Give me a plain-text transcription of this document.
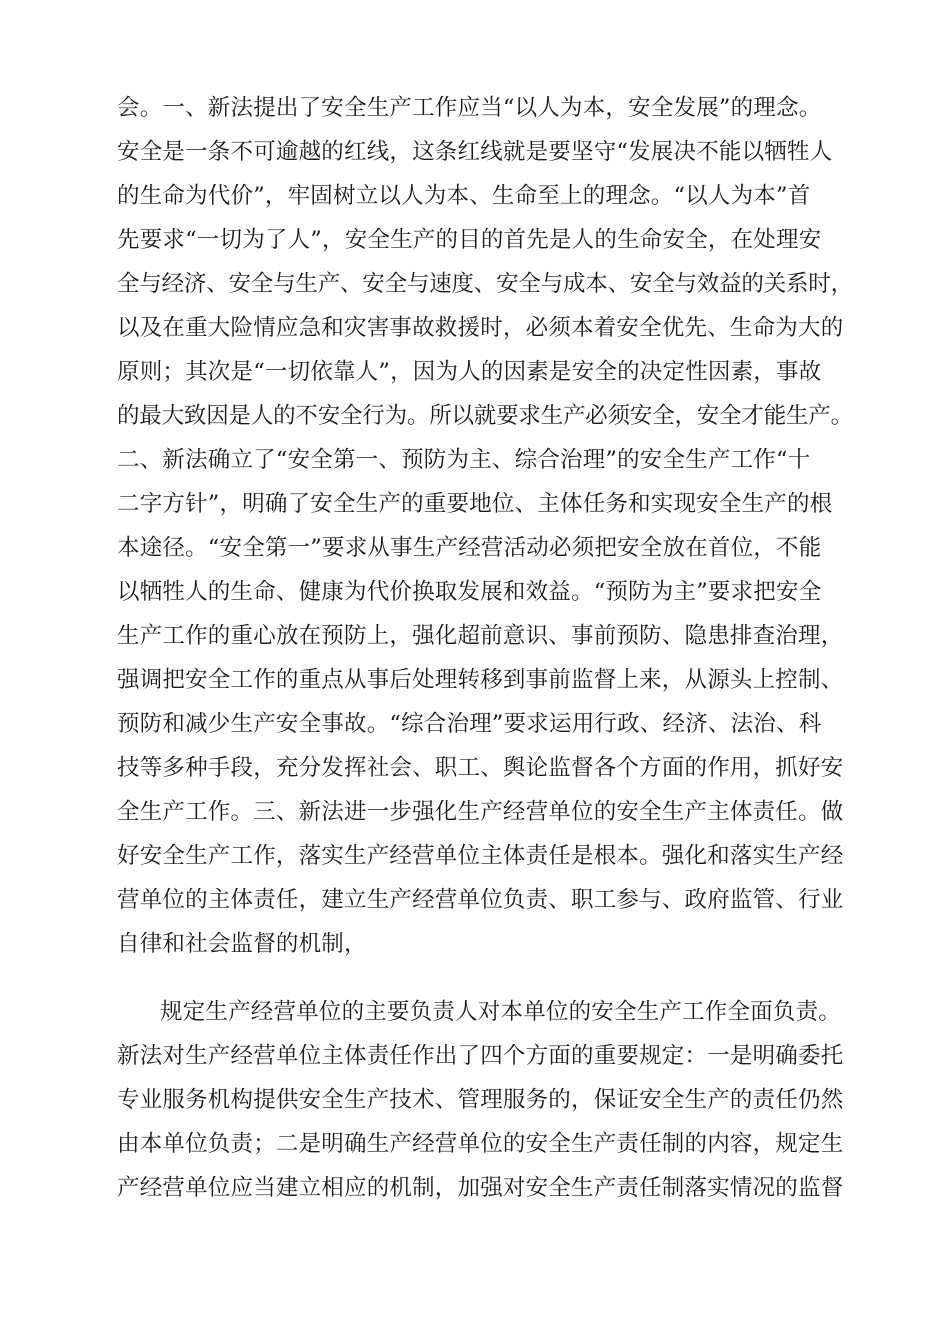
会。一、新法提出了安全生产工作应当“以人为本，安全发展”的理念。
安全是一条不可逾越的红线，这条红线就是要坚守“发展决不能以牺牲人
的生命为代价”，牢固树立以人为本、生命至上的理念。“以人为本”首
先要求“一切为了人”，安全生产的目的首先是人的生命安全，在处理安
全与经济、安全与生产、安全与速度、安全与成本、安全与效益的关系时，
以及在重大险情应急和灾害事故救援时，必须本着安全优先、生命为大的
原则；其次是“一切依靠人”，因为人的因素是安全的决定性因素，事故
的最大致因是人的不安全行为。所以就要求生产必须安全，安全才能生产。
二、新法确立了“安全第一、预防为主、综合治理”的安全生产工作“十
二字方针”，明确了安全生产的重要地位、主体任务和实现安全生产的根
本途径。“安全第一”要求从事生产经营活动必须把安全放在首位，不能
以牺牲人的生命、健康为代价换取发展和效益。“预防为主”要求把安全
生产工作的重心放在预防上，强化超前意识、事前预防、隐患排查治理，
强调把安全工作的重点从事后处理转移到事前监督上来，从源头上控制、
预防和减少生产安全事故。“综合治理”要求运用行政、经济、法治、科
技等多种手段，充分发挥社会、职工、舆论监督各个方面的作用，抓好安
全生产工作。三、新法进一步强化生产经营单位的安全生产主体责任。做
好安全生产工作，落实生产经营单位主体责任是根本。强化和落实生产经
营单位的主体责任，建立生产经营单位负责、职工参与、政府监管、行业
自律和社会监督的机制，
规定生产经营单位的主要负责人对本单位的安全生产工作全面负责。
新法对生产经营单位主体责任作出了四个方面的重要规定：一是明确委托
专业服务机构提供安全生产技术、管理服务的，保证安全生产的责任仍然
由本单位负责；二是明确生产经营单位的安全生产责任制的内容，规定生
产经营单位应当建立相应的机制，加强对安全生产责任制落实情况的监督
